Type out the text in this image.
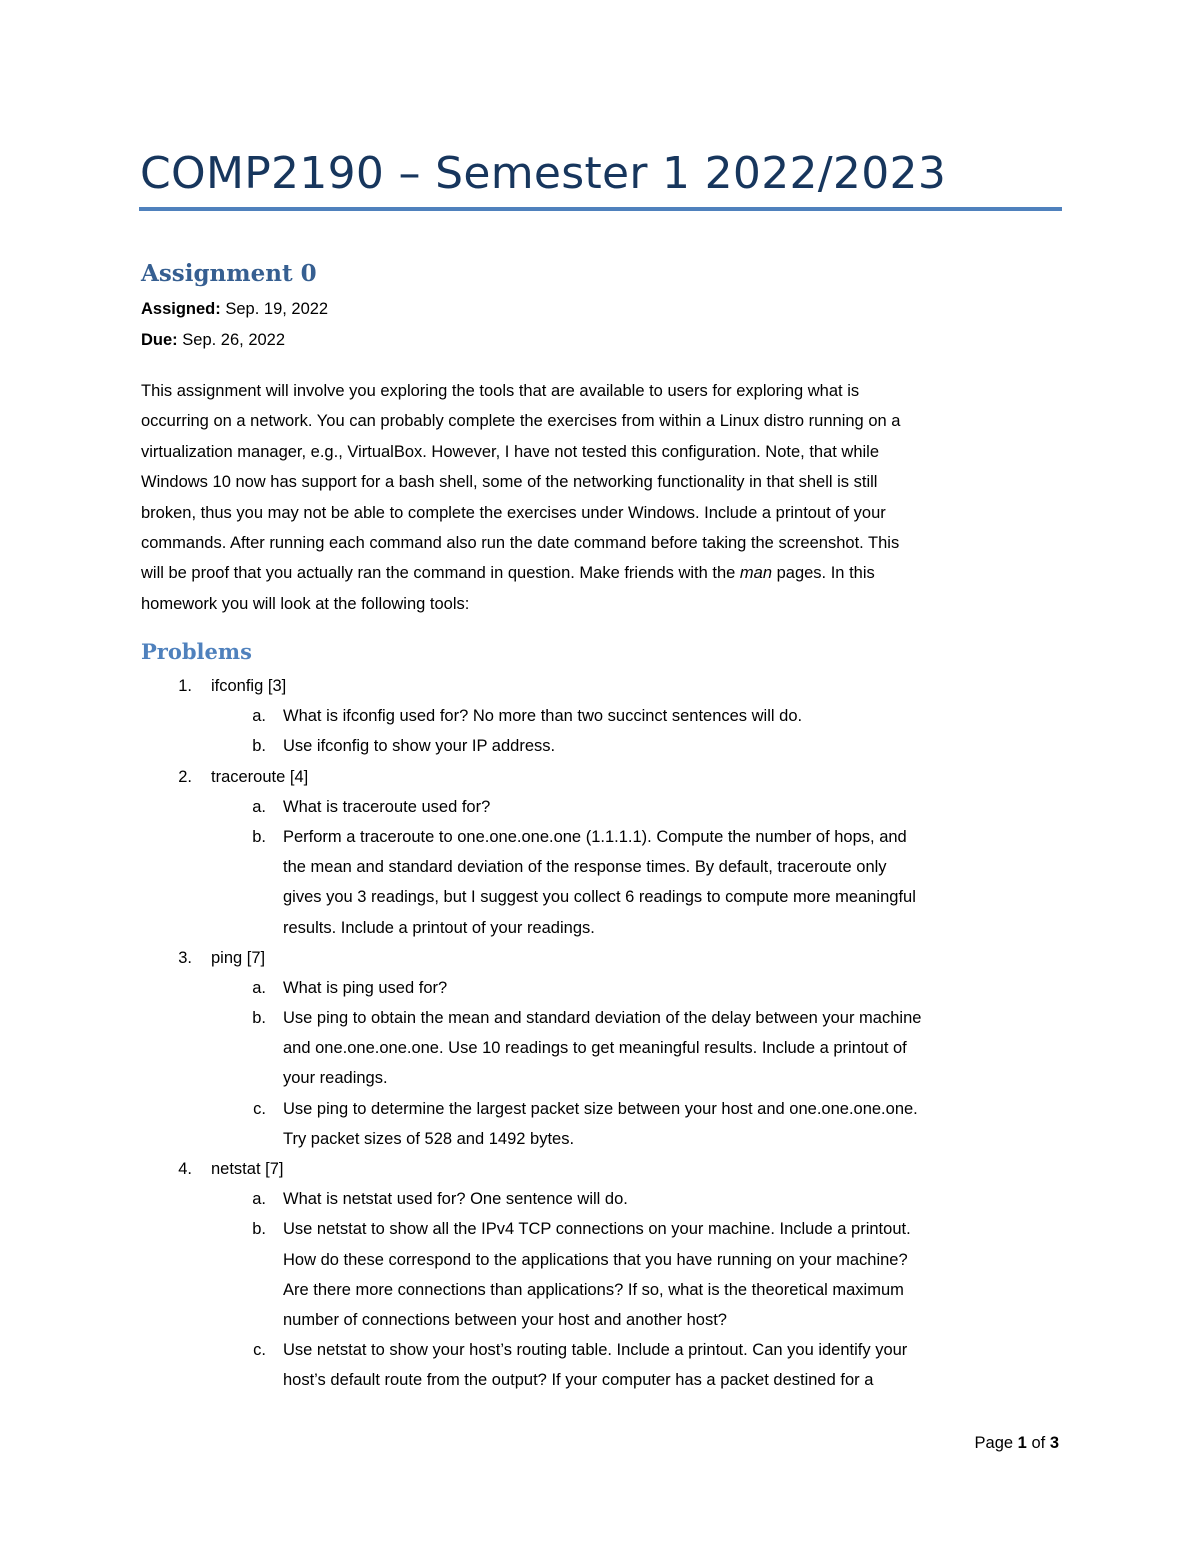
COMP2190 – Semester 1 2022/2023
Assignment 0
Assigned: Sep. 19, 2022
Due: Sep. 26, 2022

This assignment will involve you exploring the tools that are available to users for exploring what is
occurring on a network. You can probably complete the exercises from within a Linux distro running on a
virtualization manager, e.g., VirtualBox. However, I have not tested this configuration. Note, that while
Windows 10 now has support for a bash shell, some of the networking functionality in that shell is still
broken, thus you may not be able to complete the exercises under Windows. Include a printout of your
commands. After running each command also run the date command before taking the screenshot. This
will be proof that you actually ran the command in question. Make friends with the man pages. In this
homework you will look at the following tools:

Problems
1. ifconfig [3]
a. What is ifconfig used for? No more than two succinct sentences will do.
b. Use ifconfig to show your IP address.
2. traceroute [4]
a. What is traceroute used for?
b. Perform a traceroute to one.one.one.one (1.1.1.1). Compute the number of hops, and
the mean and standard deviation of the response times. By default, traceroute only
gives you 3 readings, but I suggest you collect 6 readings to compute more meaningful
results. Include a printout of your readings.
3. ping [7]
a. What is ping used for?
b. Use ping to obtain the mean and standard deviation of the delay between your machine
and one.one.one.one. Use 10 readings to get meaningful results. Include a printout of
your readings.
c. Use ping to determine the largest packet size between your host and one.one.one.one.
Try packet sizes of 528 and 1492 bytes.
4. netstat [7]
a. What is netstat used for? One sentence will do.
b. Use netstat to show all the IPv4 TCP connections on your machine. Include a printout.
How do these correspond to the applications that you have running on your machine?
Are there more connections than applications? If so, what is the theoretical maximum
number of connections between your host and another host?
c. Use netstat to show your host’s routing table. Include a printout. Can you identify your
host’s default route from the output? If your computer has a packet destined for a
Page 1 of 3
